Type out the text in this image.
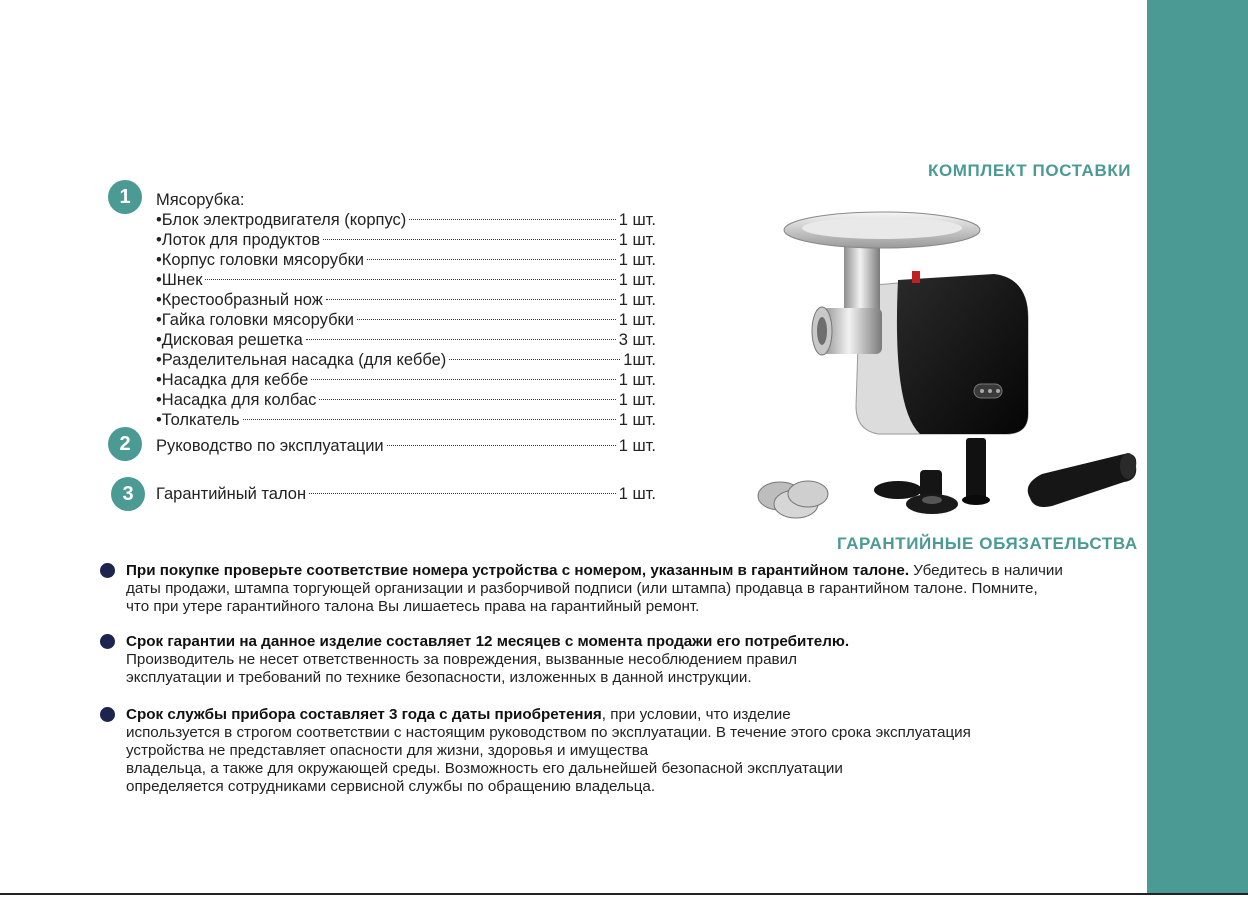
КОМПЛЕКТ ПОСТАВКИ
1	Мясорубка:
•Блок электродвигателя (корпус)	1 шт.
•Лоток для продуктов	1 шт.
•Корпус головки мясорубки	1 шт.
•Шнек	1 шт.
•Крестообразный нож	1 шт.
•Гайка головки мясорубки	1 шт.
•Дисковая решетка	3 шт.
•Разделительная насадка (для кеббе)	1шт.
•Насадка для кеббе	1 шт.
•Насадка для колбас	1 шт.
•Толкатель	1 шт.
2	Руководство по эксплуатации	1 шт.
3	Гарантийный талон	1 шт.
ГАРАНТИЙНЫЕ ОБЯЗАТЕЛЬСТВА

При покупке проверьте соответствие номера устройства с номером, указанным в гарантийном талоне. Убедитесь в наличии
даты продажи, штампа торгующей организации и разборчивой подписи (или штампа) продавца в гарантийном талоне. Помните,
что при утере гарантийного талона Вы лишаетесь права на гарантийный ремонт.

Срок гарантии на данное изделие составляет 12 месяцев с момента продажи его потребителю.
Производитель не несет ответственность за повреждения, вызванные несоблюдением правил
эксплуатации и требований по технике безопасности, изложенных в данной инструкции.

Срок службы прибора составляет 3 года с даты приобретения, при условии, что изделие
используется в строгом соответствии с настоящим руководством по эксплуатации. В течение этого срока эксплуатация
устройства не представляет опасности для жизни, здоровья и имущества
владельца, а также для окружающей среды. Возможность его дальнейшей безопасной эксплуатации
определяется сотрудниками сервисной службы по обращению владельца.
